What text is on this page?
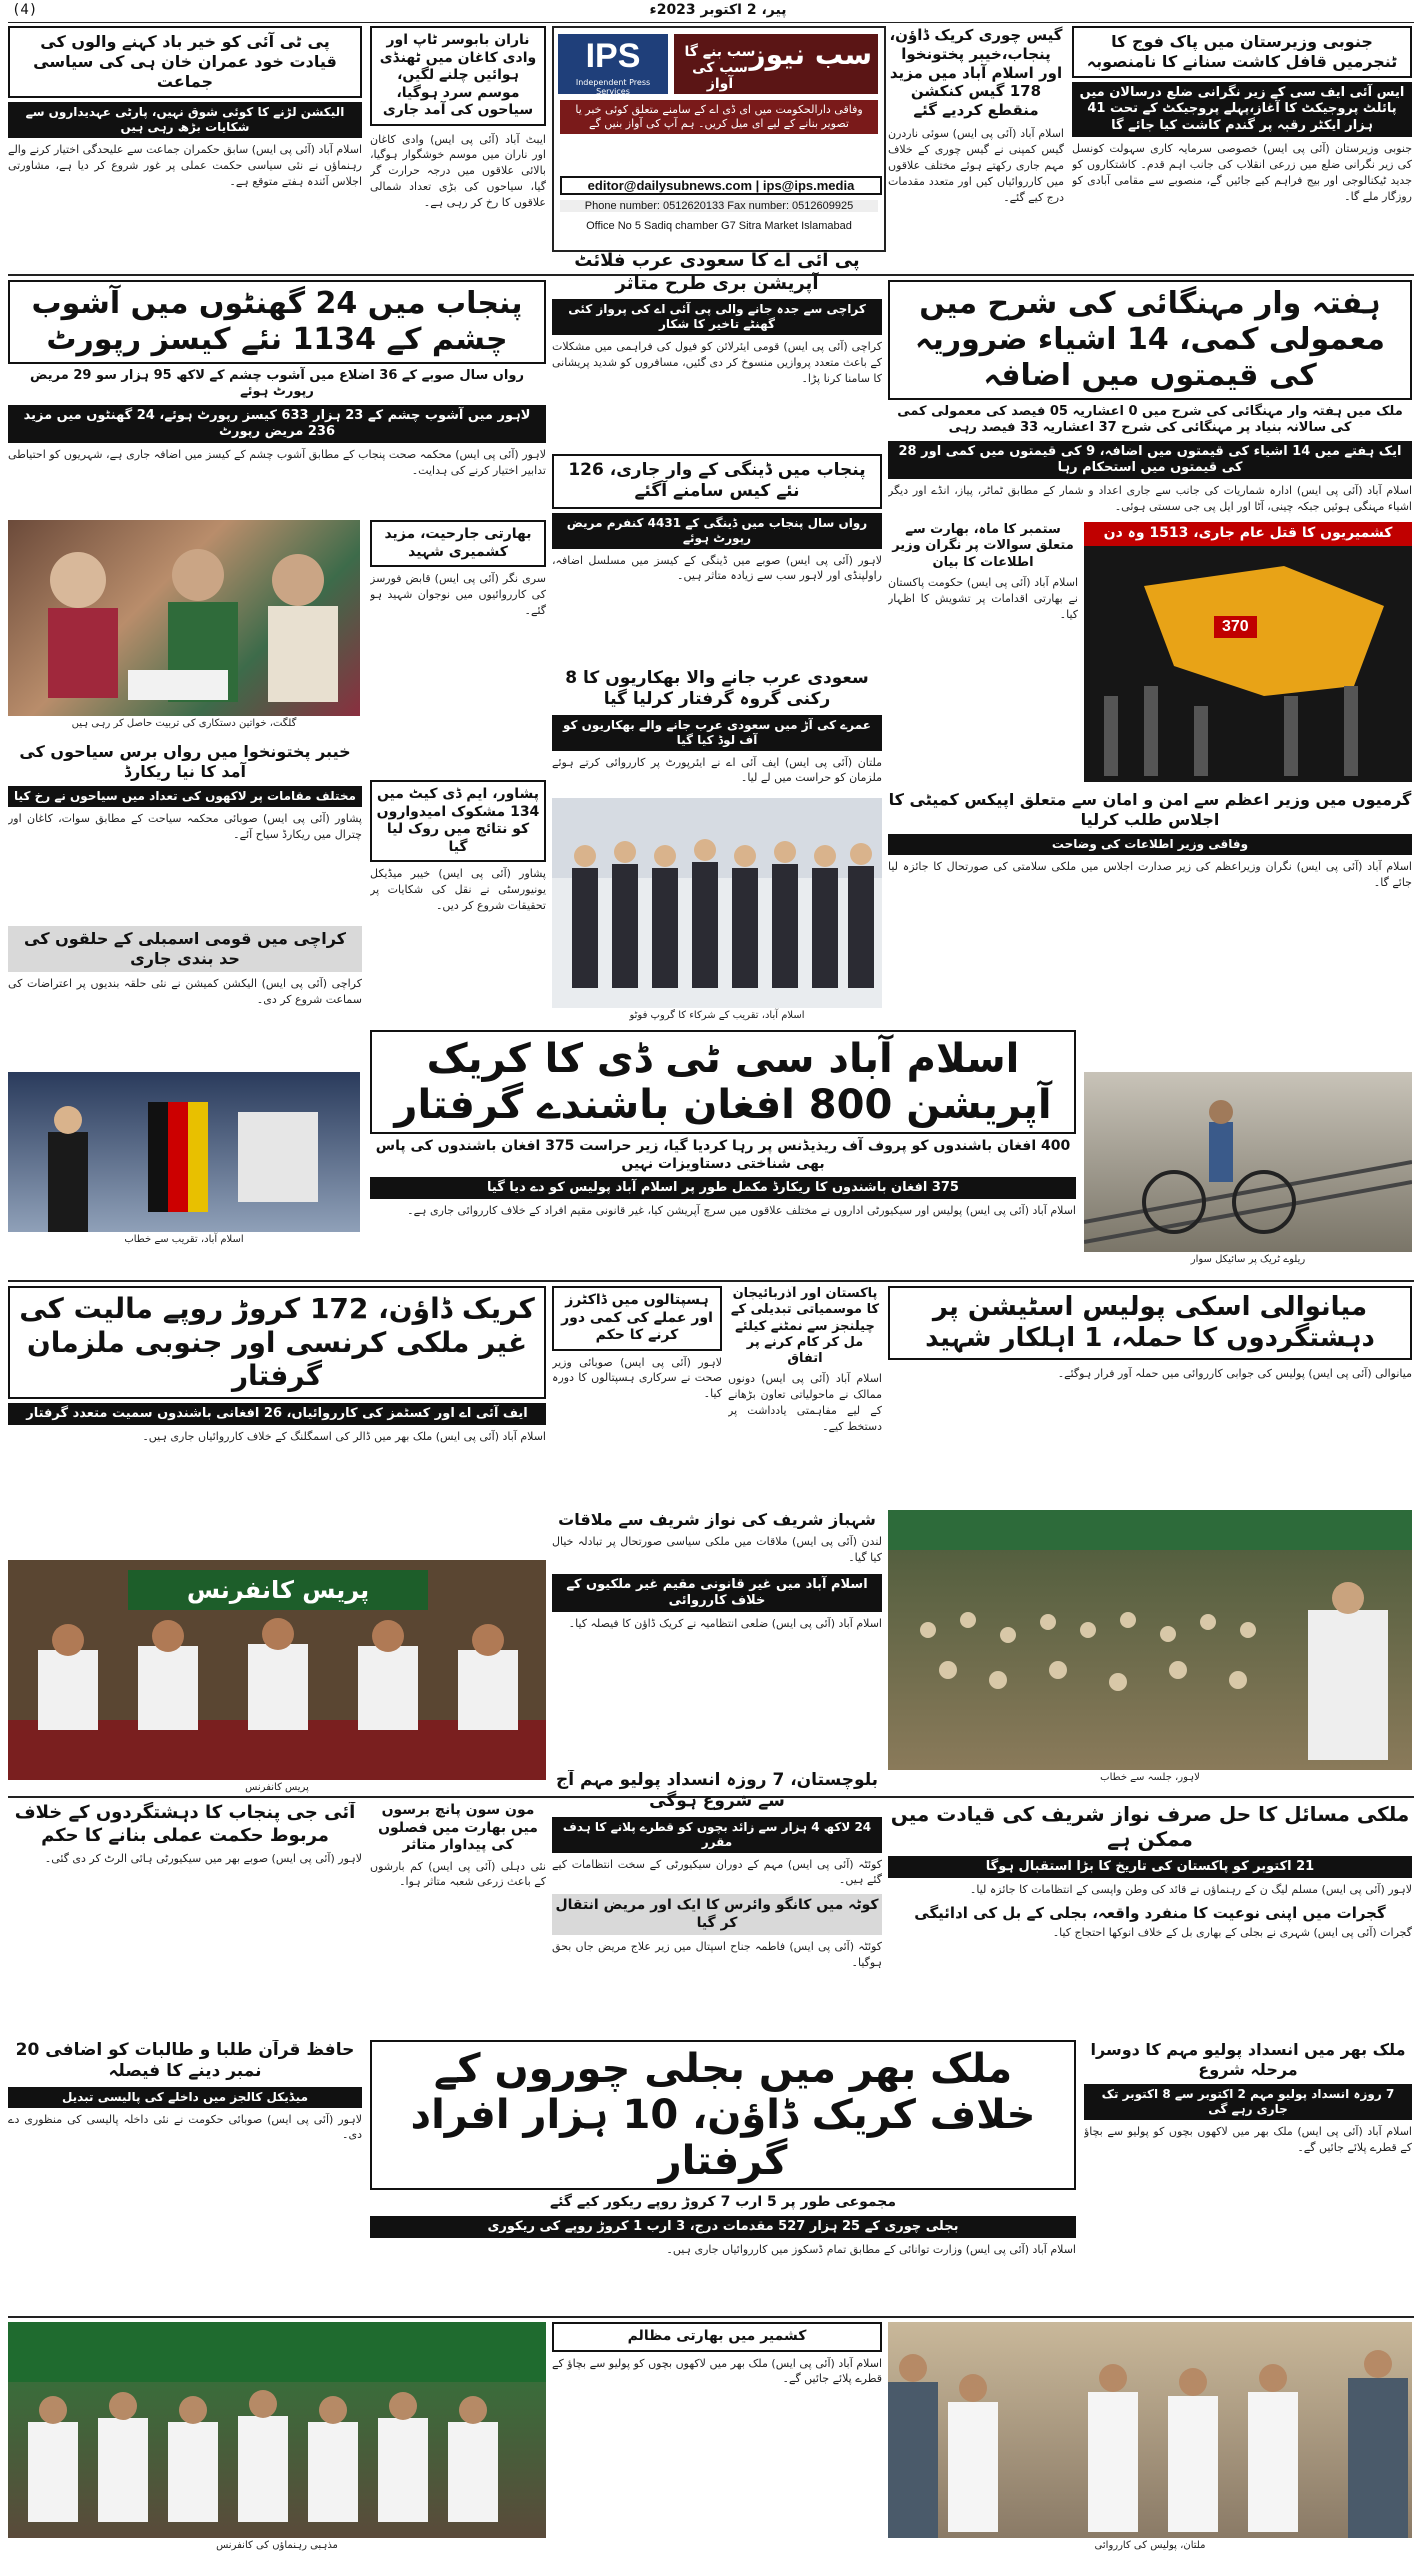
(4)	پیر، 2 اکتوبر 2023ء
جنوبی وزیرستان میں پاک فوج کا ٹنجرمیں قافل کاشت سنانے کا نامنصوبہ
ایس آئی ایف سی کے زیر نگرانی ضلع درسالان میں پائلٹ پروجیکٹ کا آغاز،پہلے پروجیکٹ کے تحت 41 ہزار ایکٹر رقبہ پر گندم کاشت کیا جائے گا
جنوبی وزیرستان (آئی پی ایس) خصوصی سرمایہ کاری سہولت کونسل کی زیر نگرانی ضلع میں زرعی انقلاب کی جانب اہم قدم۔ کاشتکاروں کو جدید ٹیکنالوجی اور بیج فراہم کیے جائیں گے، منصوبے سے مقامی آبادی کو روزگار ملے گا۔
گیس چوری کریک ڈاؤن، پنجاب،خیبر پختونخوا اور اسلام آباد میں مزید 178 گیس کنکشن منقطع کردیے گئے
اسلام آباد (آئی پی ایس) سوئی ناردرن گیس کمپنی نے گیس چوری کے خلاف مہم جاری رکھتے ہوئے مختلف علاقوں میں کارروائیاں کیں اور متعدد مقدمات درج کیے گئے۔
IPS
Independent Press Services
سب نیوز
سب بنے گا سب کی آواز
وفاقی دارالحکومت میں ای ڈی اے کے سامنے متعلق کوئی خبر یا تصویر بنانے کے لیے ای میل کریں۔ ہم آپ کی آواز بنیں گے
editor@dailysubnews.com | ips@ips.media
Phone number: 0512620133 Fax number: 0512609925
Office No 5 Sadiq chamber G7 Sitra Market Islamabad
ناران بابوسر ٹاپ اور وادی کاغان میں ٹھنڈی ہوائیں چلنے لگیں، موسم سرد ہوگیا، سیاحوں کی آمد جاری
ایبٹ آباد (آئی پی ایس) وادی کاغان اور ناران میں موسم خوشگوار ہوگیا، بالائی علاقوں میں درجہ حرارت گر گیا، سیاحوں کی بڑی تعداد شمالی علاقوں کا رخ کر رہی ہے۔
پی ٹی آئی کو خیر باد کہنے والوں کی قیادت خود عمران خان ہی کی سیاسی جماعت
الیکشن لڑنے کا کوئی شوق نہیں، پارٹی عہدیداروں سے شکایات بڑھ رہی ہیں
اسلام آباد (آئی پی ایس) سابق حکمران جماعت سے علیحدگی اختیار کرنے والے رہنماؤں نے نئی سیاسی حکمت عملی پر غور شروع کر دیا ہے، مشاورتی اجلاس آئندہ ہفتے متوقع ہے۔
ہفتہ وار مہنگائی کی شرح میں معمولی کمی، 14 اشیاء ضروریہ کی قیمتوں میں اضافہ
ملک میں ہفتہ وار مہنگائی کی شرح میں 0 اعشاریہ 05 فیصد کی معمولی کمی کی سالانہ بنیاد پر مہنگائی کی شرح 37 اعشاریہ 33 فیصد رہی
ایک ہفتے میں 14 اشیاء کی قیمتوں میں اضافہ، 9 کی قیمتوں میں کمی اور 28 کی قیمتوں میں استحکام رہا
اسلام آباد (آئی پی ایس) ادارہ شماریات کی جانب سے جاری اعداد و شمار کے مطابق ٹماٹر، پیاز، انڈے اور دیگر اشیاء مہنگی ہوئیں جبکہ چینی، آٹا اور ایل پی جی سستی ہوئی۔
پی آئی اے کا سعودی عرب فلائٹ آپریشن بری طرح متاثر
کراچی سے جدہ جانے والی پی آئی اے کی پرواز کئی گھنٹے تاخیر کا شکار
کراچی (آئی پی ایس) قومی ایئرلائن کو فیول کی فراہمی میں مشکلات کے باعث متعدد پروازیں منسوخ کر دی گئیں، مسافروں کو شدید پریشانی کا سامنا کرنا پڑا۔
پنجاب میں 24 گھنٹوں میں آشوب چشم کے 1134 نئے کیسز رپورٹ
رواں سال صوبے کے 36 اضلاع میں آشوب چشم کے لاکھ 95 ہزار سو 29 مریض رپورٹ ہوئے
لاہور میں آشوب چشم کے 23 ہزار 633 کیسز رپورٹ ہوئے، 24 گھنٹوں میں مزید 236 مریض رپورٹ
لاہور (آئی پی ایس) محکمہ صحت پنجاب کے مطابق آشوب چشم کے کیسز میں اضافہ جاری ہے، شہریوں کو احتیاطی تدابیر اختیار کرنے کی ہدایت۔
گلگت، خواتین دستکاری کی تربیت حاصل کر رہی ہیں
پنجاب میں ڈینگی کے وار جاری، 126 نئے کیس سامنے آگئے
رواں سال پنجاب میں ڈینگی کے 4431 کنفرم مریض رپورٹ ہوئے
لاہور (آئی پی ایس) صوبے میں ڈینگی کے کیسز میں مسلسل اضافہ، راولپنڈی اور لاہور سب سے زیادہ متاثر ہیں۔
سعودی عرب جانے والا بھکاریوں کا 8 رکنی گروہ گرفتار کرلیا گیا
عمرے کی آڑ میں سعودی عرب جانے والے بھکاریوں کو آف لوڈ کیا گیا
ملتان (آئی پی ایس) ایف آئی اے نے ایئرپورٹ پر کارروائی کرتے ہوئے ملزمان کو حراست میں لے لیا۔
اسلام آباد، تقریب کے شرکاء کا گروپ فوٹو
بھارتی جارحیت، مزید کشمیری شہید
سری نگر (آئی پی ایس) قابض فورسز کی کارروائیوں میں نوجوان شہید ہو گئے۔
پشاور، ایم ڈی کیٹ میں 134 مشکوک امیدواروں کو نتائج میں روک لیا گیا
پشاور (آئی پی ایس) خیبر میڈیکل یونیورسٹی نے نقل کی شکایات پر تحقیقات شروع کر دیں۔
کشمیریوں کا قتل عام جاری، 1513 وہ دن
370
ستمبر کا ماہ، بھارت سے متعلق سوالات پر نگران وزیر اطلاعات کا بیان
اسلام آباد (آئی پی ایس) حکومت پاکستان نے بھارتی اقدامات پر تشویش کا اظہار کیا۔
گرمیوں میں وزیر اعظم سے امن و امان سے متعلق اپیکس کمیٹی کا اجلاس طلب کرلیا
وفاقی وزیر اطلاعات کی وضاحت
اسلام آباد (آئی پی ایس) نگران وزیراعظم کی زیر صدارت اجلاس میں ملکی سلامتی کی صورتحال کا جائزہ لیا جائے گا۔
خیبر پختونخوا میں رواں برس سیاحوں کی آمد کا نیا ریکارڈ
مختلف مقامات پر لاکھوں کی تعداد میں سیاحوں نے رخ کیا
پشاور (آئی پی ایس) صوبائی محکمہ سیاحت کے مطابق سوات، کاغان اور چترال میں ریکارڈ سیاح آئے۔
کراچی میں قومی اسمبلی کے حلقوں کی حد بندی جاری
کراچی (آئی پی ایس) الیکشن کمیشن نے نئی حلقہ بندیوں پر اعتراضات کی سماعت شروع کر دی۔
اسلام آباد، تقریب سے خطاب
اسلام آباد سی ٹی ڈی کا کریک آپریشن 800 افغان باشندے گرفتار
400 افغان باشندوں کو پروف آف ریذیڈنس پر رہا کردیا گیا، زیر حراست 375 افغان باشندوں کی پاس بھی شناختی دستاویزات نہیں
375 افغان باشندوں کا ریکارڈ مکمل طور پر اسلام آباد پولیس کو دے دیا گیا
اسلام آباد (آئی پی ایس) پولیس اور سیکیورٹی اداروں نے مختلف علاقوں میں سرچ آپریشن کیا، غیر قانونی مقیم افراد کے خلاف کارروائی جاری ہے۔
ریلوے ٹریک پر سائیکل سوار
کریک ڈاؤن، 172 کروڑ روپے مالیت کی غیر ملکی کرنسی اور جنوبی ملزمان گرفتار
ایف آئی اے اور کسٹمز کی کارروائیاں، 26 افغانی باشندوں سمیت متعدد گرفتار
اسلام آباد (آئی پی ایس) ملک بھر میں ڈالر کی اسمگلنگ کے خلاف کارروائیاں جاری ہیں۔
ہسپتالوں میں ڈاکٹرز اور عملے کی کمی دور کرنے کا حکم
لاہور (آئی پی ایس) صوبائی وزیر صحت نے سرکاری ہسپتالوں کا دورہ کیا۔
پاکستان اور آذربائیجان کا موسمیاتی تبدیلی کے چیلنجز سے نمٹنے کیلئے مل کر کام کرنے پر اتفاق
اسلام آباد (آئی پی ایس) دونوں ممالک نے ماحولیاتی تعاون بڑھانے کے لیے مفاہمتی یادداشت پر دستخط کیے۔
میانوالی اسکی پولیس اسٹیشن پر دہشتگردوں کا حملہ، 1 اہلکار شہید
میانوالی (آئی پی ایس) پولیس کی جوابی کارروائی میں حملہ آور فرار ہوگئے۔
پریس کانفرنس
پریس کانفرنس
شہباز شریف کی نواز شریف سے ملاقات
لندن (آئی پی ایس) ملاقات میں ملکی سیاسی صورتحال پر تبادلہ خیال کیا گیا۔
اسلام آباد میں غیر قانونی مقیم غیر ملکیوں کے خلاف کارروائی
اسلام آباد (آئی پی ایس) ضلعی انتظامیہ نے کریک ڈاؤن کا فیصلہ کیا۔
لاہور، جلسہ سے خطاب
آئی جی پنجاب کا دہشتگردوں کے خلاف مربوط حکمت عملی بنانے کا حکم
لاہور (آئی پی ایس) صوبے بھر میں سیکیورٹی ہائی الرٹ کر دی گئی۔
مون سون پانچ برسوں میں بھارت میں فصلوں کی پیداوار متاثر
نئی دہلی (آئی پی ایس) کم بارشوں کے باعث زرعی شعبہ متاثر ہوا۔
بلوچستان، 7 روزہ انسداد پولیو مہم آج سے شروع ہوگی
24 لاکھ 4 ہزار سے زائد بچوں کو قطرے پلانے کا ہدف مقرر
کوئٹہ (آئی پی ایس) مہم کے دوران سیکیورٹی کے سخت انتظامات کیے گئے ہیں۔
کوٹہ میں کانگو وائرس کا ایک اور مریض انتقال کر گیا
کوئٹہ (آئی پی ایس) فاطمہ جناح اسپتال میں زیر علاج مریض جاں بحق ہوگیا۔
ملکی مسائل کا حل صرف نواز شریف کی قیادت میں ممکن ہے
21 اکتوبر کو پاکستان کی تاریخ کا بڑا استقبال ہوگا
لاہور (آئی پی ایس) مسلم لیگ ن کے رہنماؤں نے قائد کی وطن واپسی کے انتظامات کا جائزہ لیا۔
گجرات میں اپنی نوعیت کا منفرد واقعہ، بجلی کے بل کی ادائیگی
گجرات (آئی پی ایس) شہری نے بجلی کے بھاری بل کے خلاف انوکھا احتجاج کیا۔
ملک بھر میں بجلی چوروں کے خلاف کریک ڈاؤن، 10 ہزار افراد گرفتار
مجموعی طور پر 5 ارب 7 کروڑ روپے ریکور کیے گئے
بجلی چوری کے 25 ہزار 527 مقدمات درج، 3 ارب 1 کروڑ روپے کی ریکوری
اسلام آباد (آئی پی ایس) وزارت توانائی کے مطابق تمام ڈسکوز میں کارروائیاں جاری ہیں۔
حافظ قرآن طلبا و طالبات کو اضافی 20 نمبر دینے کا فیصلہ
میڈیکل کالجز میں داخلے کی پالیسی تبدیل
لاہور (آئی پی ایس) صوبائی حکومت نے نئی داخلہ پالیسی کی منظوری دے دی۔
ملک بھر میں انسداد پولیو مہم کا دوسرا مرحلہ شروع
7 روزہ انسداد پولیو مہم 2 اکتوبر سے 8 اکتوبر تک جاری رہے گی
اسلام آباد (آئی پی ایس) ملک بھر میں لاکھوں بچوں کو پولیو سے بچاؤ کے قطرے پلائے جائیں گے۔
مذہبی رہنماؤں کی کانفرنس	ملتان، پولیس کی کارروائی
کشمیر میں بھارتی مظالم
اسلام آباد (آئی پی ایس) ملک بھر میں لاکھوں بچوں کو پولیو سے بچاؤ کے قطرے پلائے جائیں گے۔
